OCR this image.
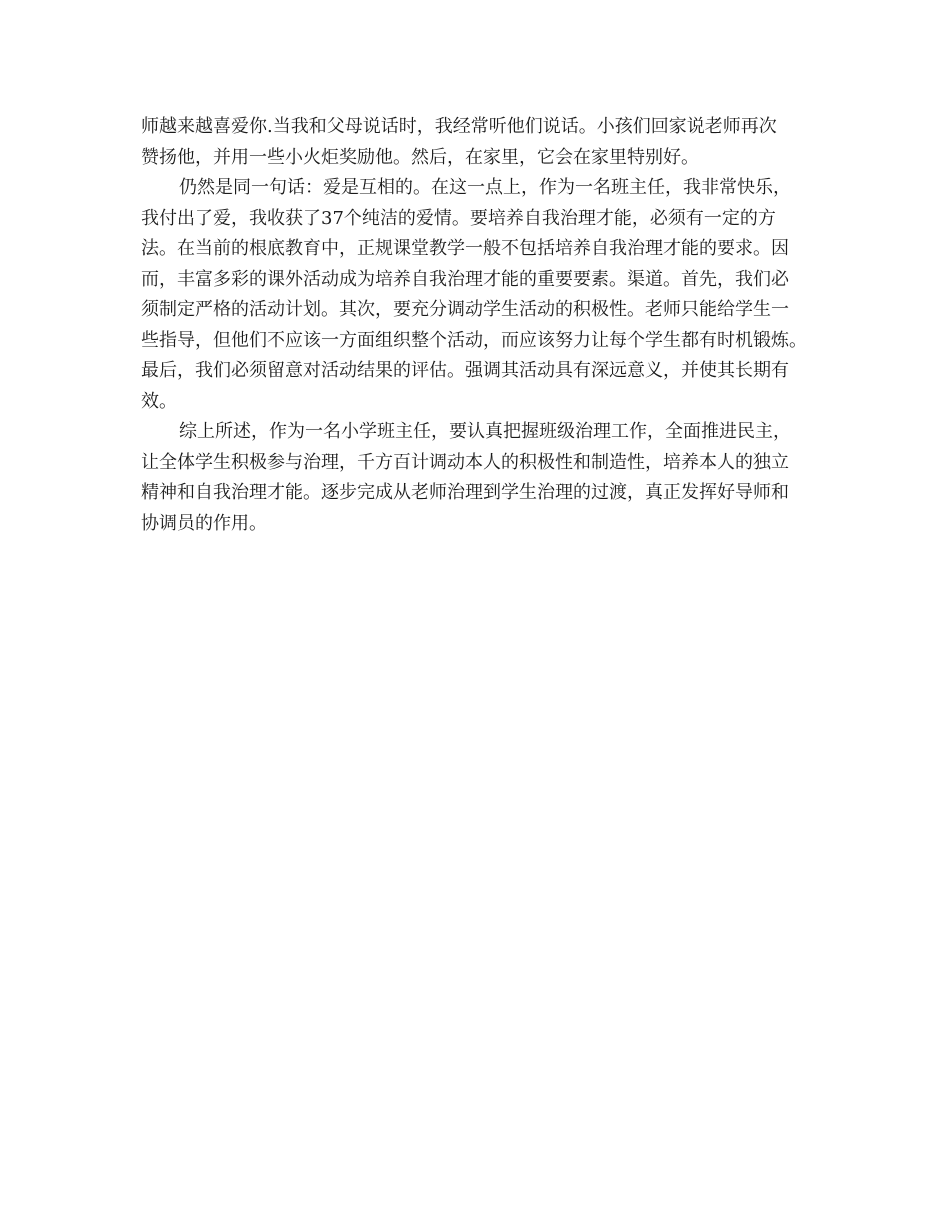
师越来越喜爱你.当我和父母说话时，我经常听他们说话。小孩们回家说老师再次
赞扬他，并用一些小火炬奖励他。然后，在家里，它会在家里特别好。
仍然是同一句话：爱是互相的。在这一点上，作为一名班主任，我非常快乐，
我付出了爱，我收获了37个纯洁的爱情。要培养自我治理才能，必须有一定的方
法。在当前的根底教育中，正规课堂教学一般不包括培养自我治理才能的要求。因
而，丰富多彩的课外活动成为培养自我治理才能的重要要素。渠道。首先，我们必
须制定严格的活动计划。其次，要充分调动学生活动的积极性。老师只能给学生一
些指导，但他们不应该一方面组织整个活动，而应该努力让每个学生都有时机锻炼。
最后，我们必须留意对活动结果的评估。强调其活动具有深远意义，并使其长期有
效。
综上所述，作为一名小学班主任，要认真把握班级治理工作，全面推进民主，
让全体学生积极参与治理，千方百计调动本人的积极性和制造性，培养本人的独立
精神和自我治理才能。逐步完成从老师治理到学生治理的过渡，真正发挥好导师和
协调员的作用。
